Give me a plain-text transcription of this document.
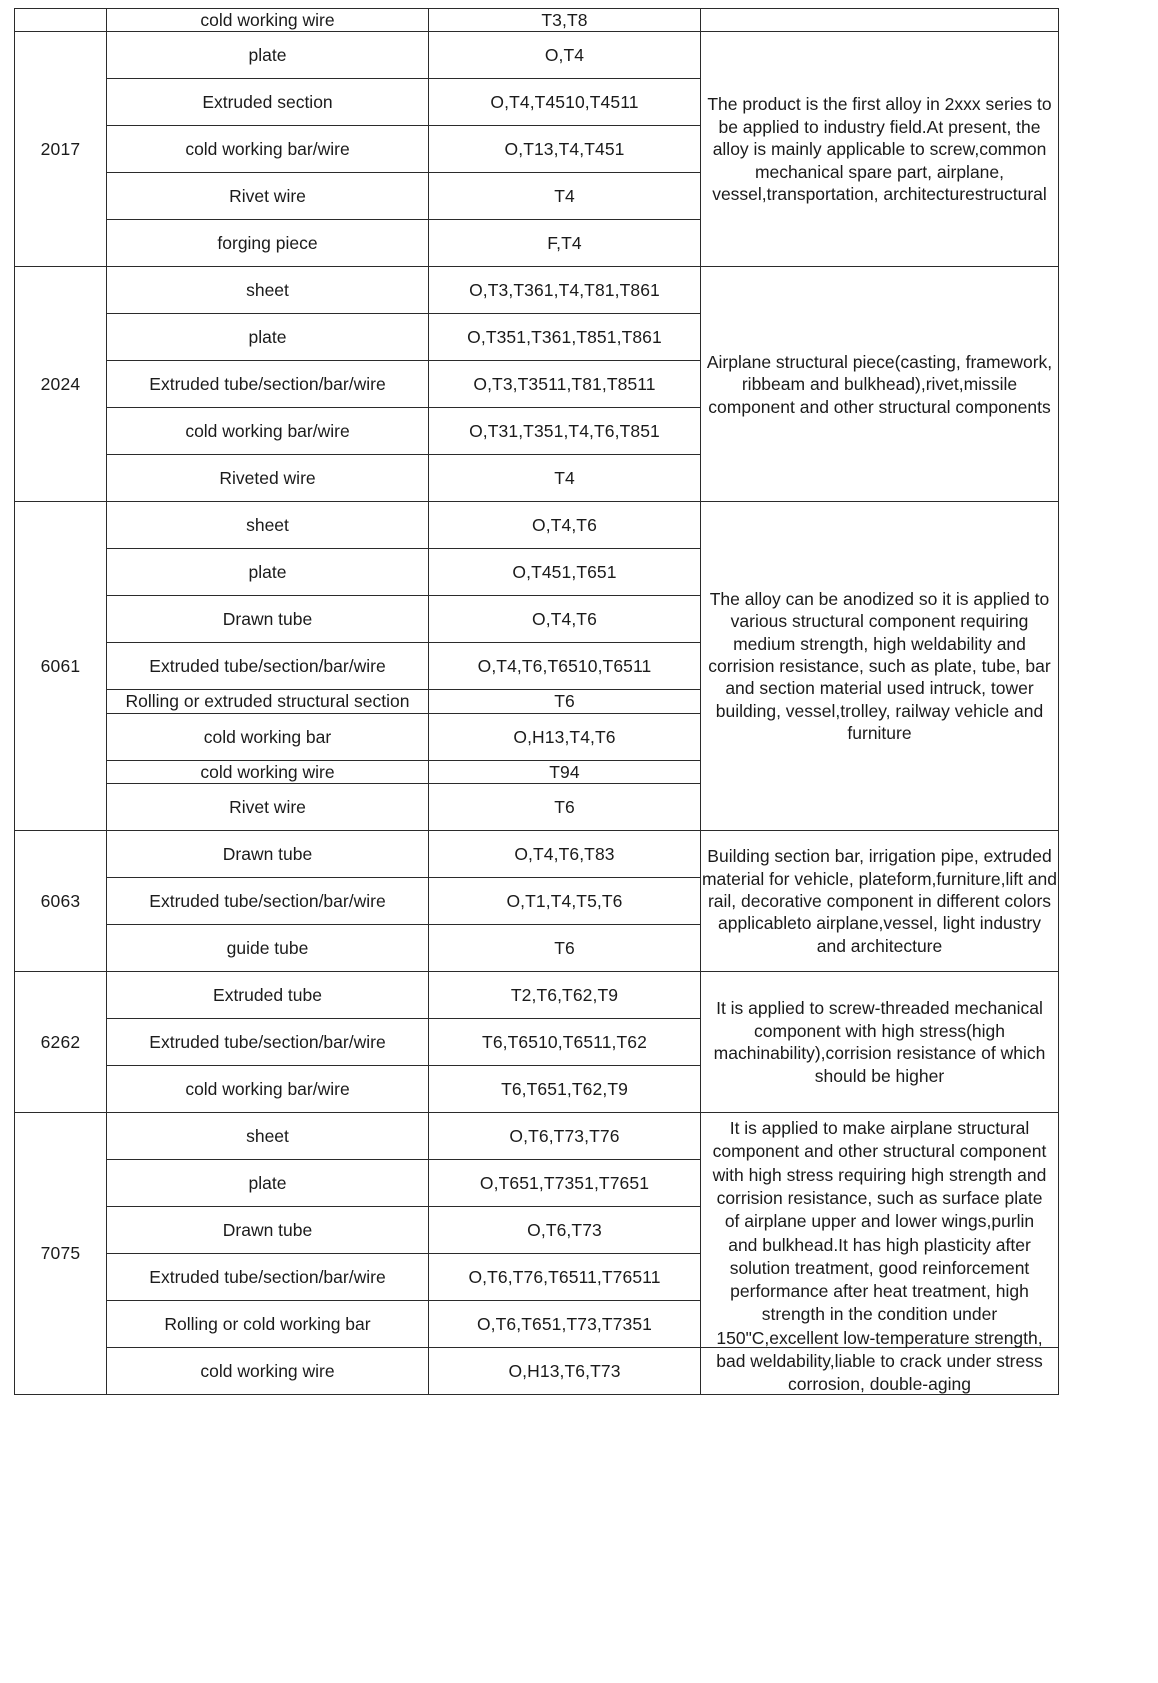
	cold working wire	T3,T8	
2017	plate	O,T4	The product is the first alloy in 2xxx series to be applied to industry field.At present, the alloy is mainly applicable to screw,common mechanical spare part, airplane, vessel,transportation, architecturestructural
	Extruded section	O,T4,T4510,T4511	
	cold working bar/wire	O,T13,T4,T451	
	Rivet wire	T4	
	forging piece	F,T4	
2024	sheet	O,T3,T361,T4,T81,T861	Airplane structural piece(casting, framework, ribbeam and bulkhead),rivet,missile component and other structural components
	plate	O,T351,T361,T851,T861	
	Extruded tube/section/bar/wire	O,T3,T3511,T81,T8511	
	cold working bar/wire	O,T31,T351,T4,T6,T851	
	Riveted wire	T4	
6061	sheet	O,T4,T6	The alloy can be anodized so it is applied to various structural component requiring medium strength, high weldability and corrision resistance, such as plate, tube, bar and section material used intruck, tower building, vessel,trolley, railway vehicle and furniture
	plate	O,T451,T651	
	Drawn tube	O,T4,T6	
	Extruded tube/section/bar/wire	O,T4,T6,T6510,T6511	
	Rolling or extruded structural section	T6	
	cold working bar	O,H13,T4,T6	
	cold working wire	T94	
	Rivet wire	T6	
6063	Drawn tube	O,T4,T6,T83	Building section bar, irrigation pipe, extruded material for vehicle, plateform,furniture,lift and rail, decorative component in different colors applicableto airplane,vessel, light industry and architecture
	Extruded tube/section/bar/wire	O,T1,T4,T5,T6	
	guide tube	T6	
6262	Extruded tube	T2,T6,T62,T9	It is applied to screw-threaded mechanical component with high stress(high machinability),corrision resistance of which should be higher
	Extruded tube/section/bar/wire	T6,T6510,T6511,T62	
	cold working bar/wire	T6,T651,T62,T9	
7075	sheet	O,T6,T73,T76	It is applied to make airplane structural component and other structural component with high stress requiring high strength and corrision resistance, such as surface plate of airplane upper and lower wings,purlin and bulkhead.It has high plasticity after solution treatment, good reinforcement performance after heat treatment, high strength in the condition under 150"C,excellent low-temperature strength, bad weldability,liable to crack under stress corrosion, double-aging

	plate	O,T651,T7351,T7651	
	Drawn tube	O,T6,T73	
	Extruded tube/section/bar/wire	O,T6,T76,T6511,T76511	
	Rolling or cold working bar	O,T6,T651,T73,T7351	
	cold working wire	O,H13,T6,T73	
